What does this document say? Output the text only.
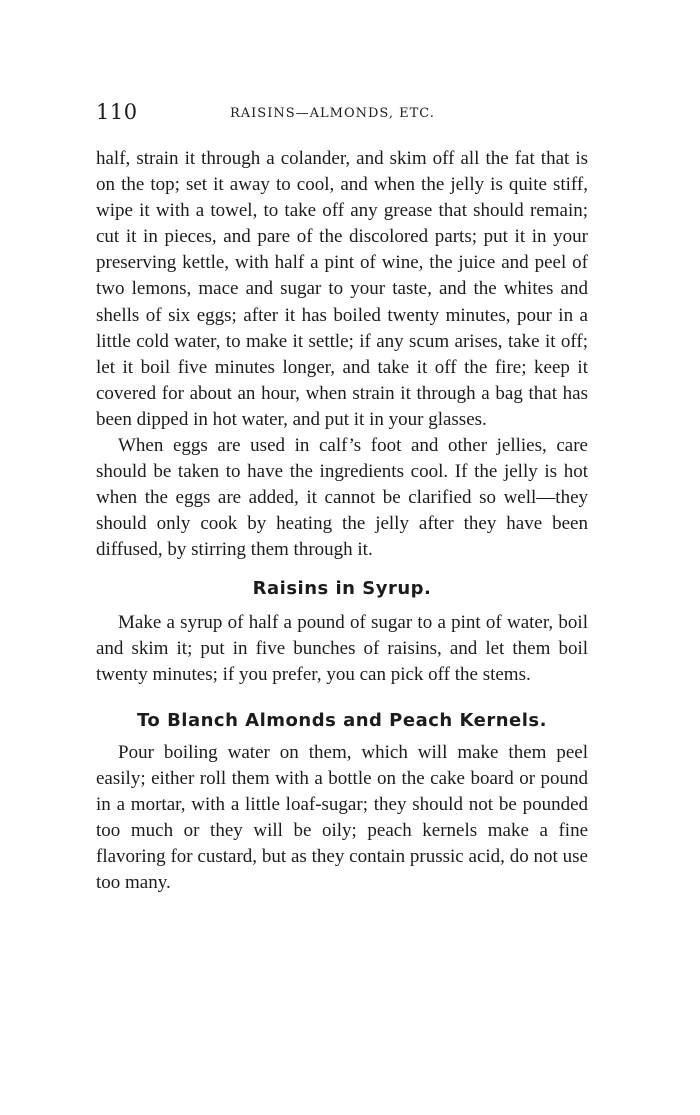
110	RAISINS—ALMONDS, ETC.

half, strain it through a colander, and skim off all the fat that is on the top; set it away to cool, and when the jelly is quite stiff, wipe it with a towel, to take off any grease that should remain; cut it in pieces, and pare of the discolored parts; put it in your preserving kettle, with half a pint of wine, the juice and peel of two lemons, mace and sugar to your taste, and the whites and shells of six eggs; after it has boiled twenty minutes, pour in a little cold water, to make it settle; if any scum arises, take it off; let it boil five minutes longer, and take it off the fire; keep it covered for about an hour, when strain it through a bag that has been dipped in hot water, and put it in your glasses.

When eggs are used in calf’s foot and other jellies, care should be taken to have the ingredients cool. If the jelly is hot when the eggs are added, it cannot be clarified so well—they should only cook by heating the jelly after they have been diffused, by stirring them through it.

Raisins in Syrup.

Make a syrup of half a pound of sugar to a pint of water, boil and skim it; put in five bunches of raisins, and let them boil twenty minutes; if you prefer, you can pick off the stems.

To Blanch Almonds and Peach Kernels.

Pour boiling water on them, which will make them peel easily; either roll them with a bottle on the cake board or pound in a mortar, with a little loaf-sugar; they should not be pounded too much or they will be oily; peach kernels make a fine flavoring for custard, but as they contain prussic acid, do not use too many.
